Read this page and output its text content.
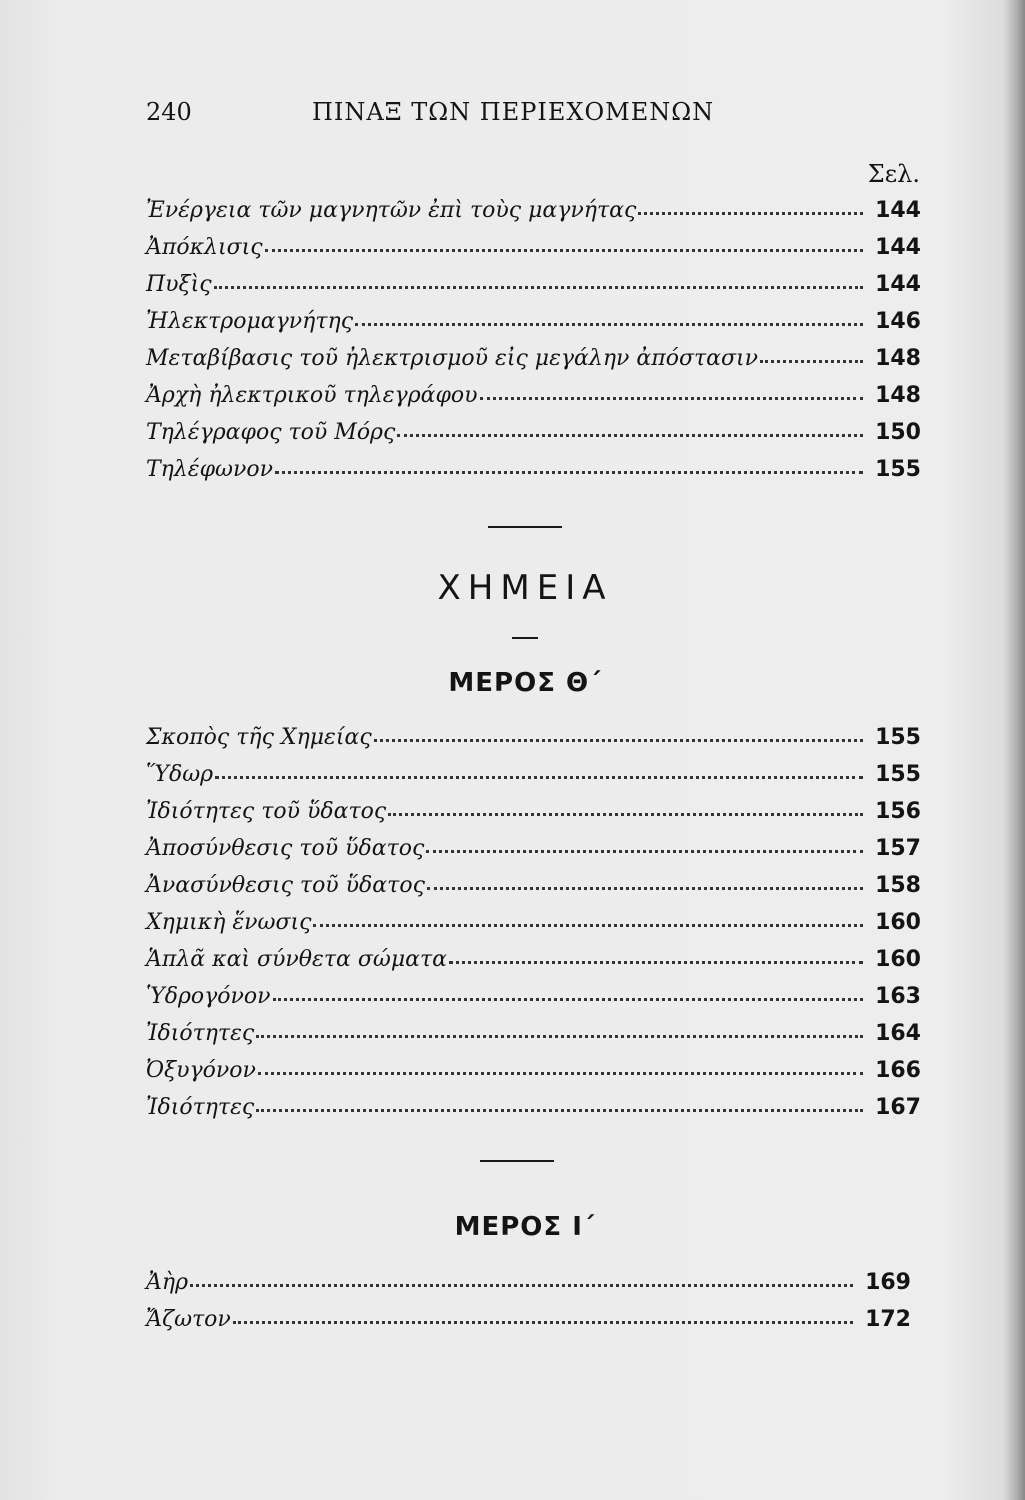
240	ΠΙΝΑΞ ΤΩΝ ΠΕΡΙΕΧΟΜΕΝΩΝ
Σελ.
Ἐνέργεια τῶν μαγνητῶν ἐπὶ τοὺς μαγνήτας	144
Ἀπόκλισις	144
Πυξὶς	144
Ἠλεκτρομαγνήτης	146
Μεταβίβασις τοῦ ἠλεκτρισμοῦ εἰς μεγάλην ἀπόστασιν	148
Ἀρχὴ ἠλεκτρικοῦ τηλεγράφου	148
Τηλέγραφος τοῦ Μόρς	150
Τηλέφωνον	155
ΧΗΜΕΙΑ
ΜΕΡΟΣ Θ΄
Σκοπὸς τῆς Χημείας	155
Ὕδωρ	155
Ἰδιότητες τοῦ ὕδατος	156
Ἀποσύνθεσις τοῦ ὕδατος	157
Ἀνασύνθεσις τοῦ ὕδατος	158
Χημικὴ ἕνωσις	160
Ἁπλᾶ καὶ σύνθετα σώματα	160
Ὑδρογόνον	163
Ἰδιότητες	164
Ὀξυγόνον	166
Ἰδιότητες	167
ΜΕΡΟΣ Ι΄
Ἀὴρ	169
Ἄζωτον	172
